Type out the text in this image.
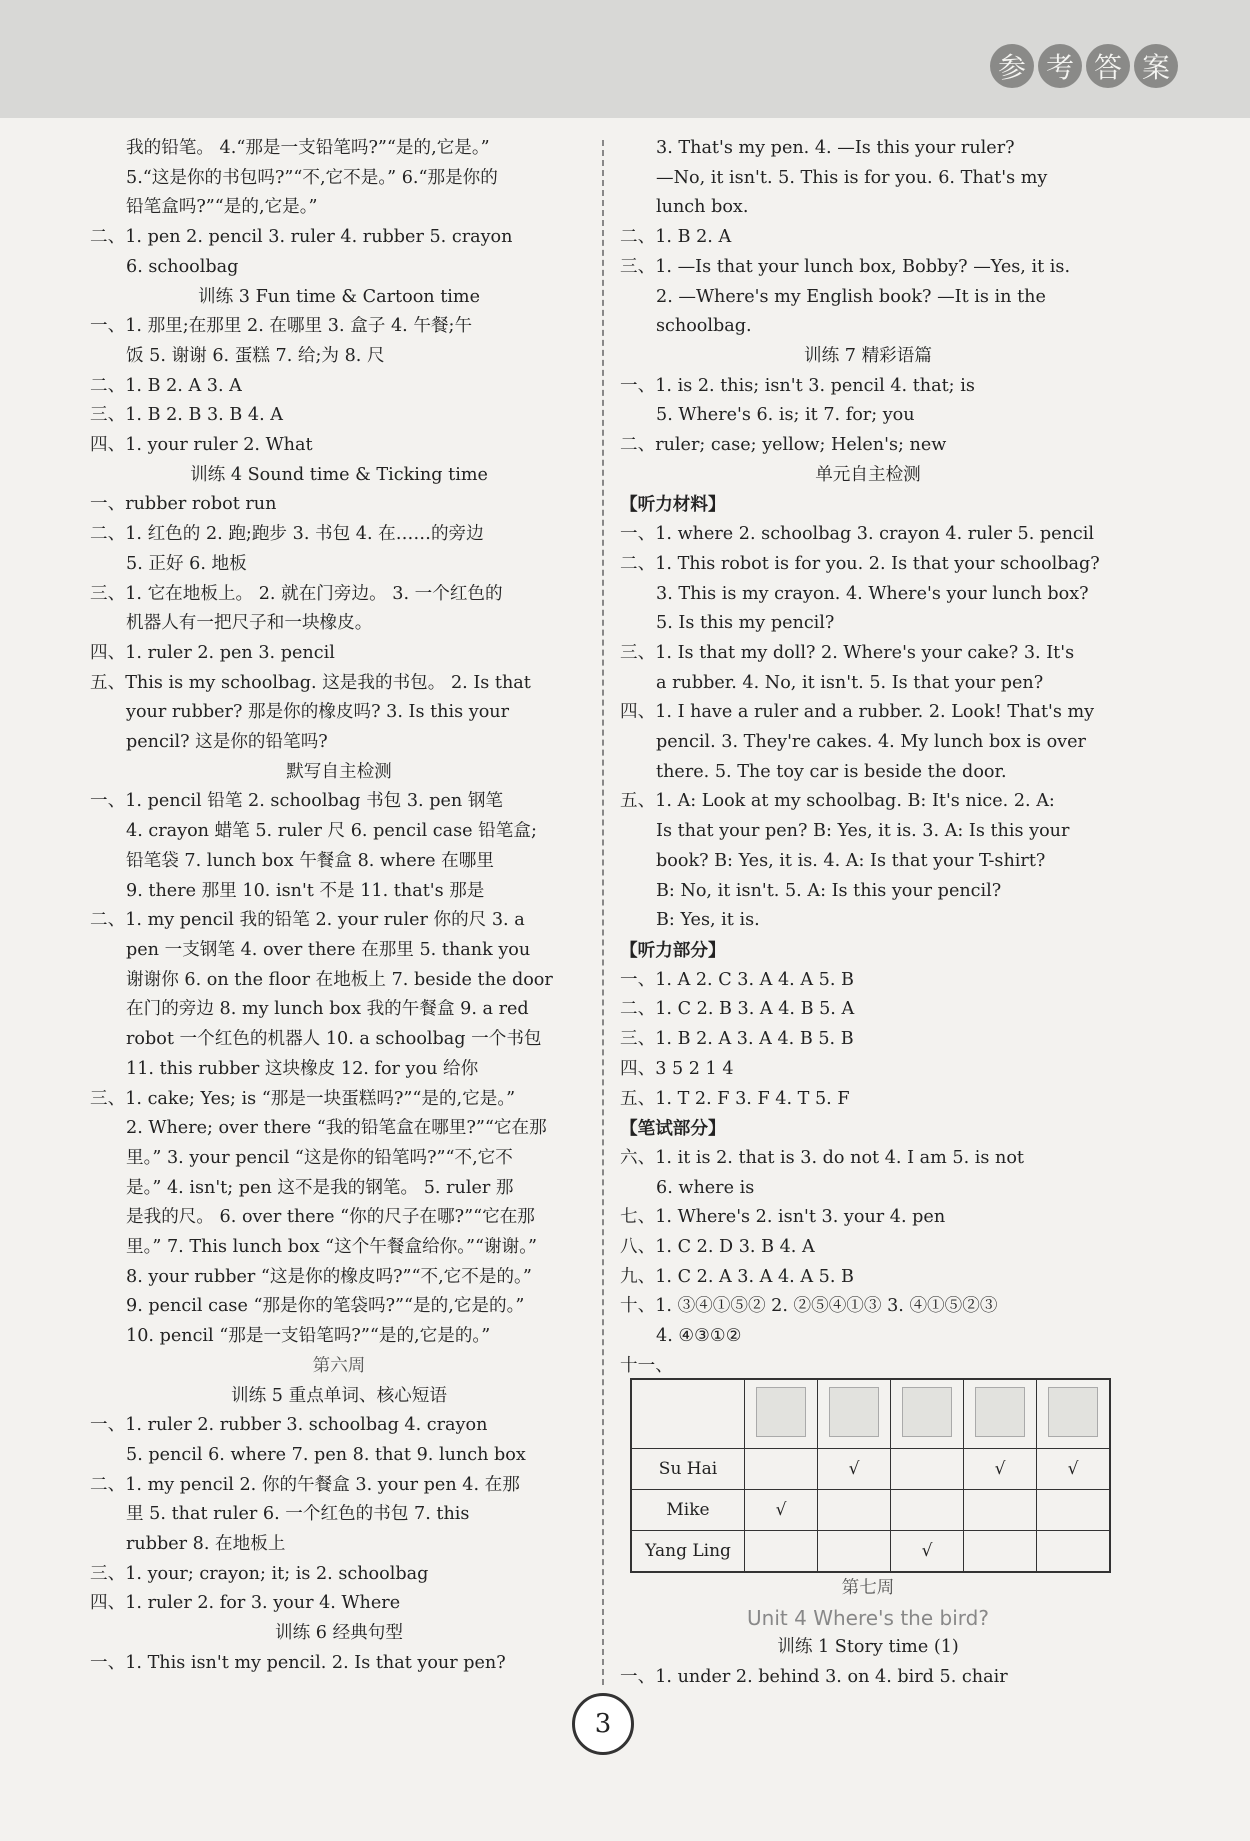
参 考 答 案
我的铅笔。 4.“那是一支铅笔吗?”“是的,它是。”
5.“这是你的书包吗?”“不,它不是。” 6.“那是你的
铅笔盒吗?”“是的,它是。”
二、1. pen 2. pencil 3. ruler 4. rubber 5. crayon
6. schoolbag
训练 3 Fun time & Cartoon time
一、1. 那里;在那里 2. 在哪里 3. 盒子 4. 午餐;午
饭 5. 谢谢 6. 蛋糕 7. 给;为 8. 尺
二、1. B 2. A 3. A
三、1. B 2. B 3. B 4. A
四、1. your ruler 2. What
训练 4 Sound time & Ticking time
一、rubber robot run
二、1. 红色的 2. 跑;跑步 3. 书包 4. 在……的旁边
5. 正好 6. 地板
三、1. 它在地板上。 2. 就在门旁边。 3. 一个红色的
机器人有一把尺子和一块橡皮。
四、1. ruler 2. pen 3. pencil
五、This is my schoolbag. 这是我的书包。 2. Is that
your rubber? 那是你的橡皮吗? 3. Is this your
pencil? 这是你的铅笔吗?
默写自主检测
一、1. pencil 铅笔 2. schoolbag 书包 3. pen 钢笔
4. crayon 蜡笔 5. ruler 尺 6. pencil case 铅笔盒;
铅笔袋 7. lunch box 午餐盒 8. where 在哪里
9. there 那里 10. isn't 不是 11. that's 那是
二、1. my pencil 我的铅笔 2. your ruler 你的尺 3. a
pen 一支钢笔 4. over there 在那里 5. thank you
谢谢你 6. on the floor 在地板上 7. beside the door
在门的旁边 8. my lunch box 我的午餐盒 9. a red
robot 一个红色的机器人 10. a schoolbag 一个书包
11. this rubber 这块橡皮 12. for you 给你
三、1. cake; Yes; is “那是一块蛋糕吗?”“是的,它是。”
2. Where; over there “我的铅笔盒在哪里?”“它在那
里。” 3. your pencil “这是你的铅笔吗?”“不,它不
是。” 4. isn't; pen 这不是我的钢笔。 5. ruler 那
是我的尺。 6. over there “你的尺子在哪?”“它在那
里。” 7. This lunch box “这个午餐盒给你。”“谢谢。”
8. your rubber “这是你的橡皮吗?”“不,它不是的。”
9. pencil case “那是你的笔袋吗?”“是的,它是的。”
10. pencil “那是一支铅笔吗?”“是的,它是的。”
第六周
训练 5 重点单词、核心短语
一、1. ruler 2. rubber 3. schoolbag 4. crayon
5. pencil 6. where 7. pen 8. that 9. lunch box
二、1. my pencil 2. 你的午餐盒 3. your pen 4. 在那
里 5. that ruler 6. 一个红色的书包 7. this
rubber 8. 在地板上
三、1. your; crayon; it; is 2. schoolbag
四、1. ruler 2. for 3. your 4. Where
训练 6 经典句型
一、1. This isn't my pencil. 2. Is that your pen?
3. That's my pen. 4. —Is this your ruler?
—No, it isn't. 5. This is for you. 6. That's my
lunch box.
二、1. B 2. A
三、1. —Is that your lunch box, Bobby? —Yes, it is.
2. —Where's my English book? —It is in the
schoolbag.
训练 7 精彩语篇
一、1. is 2. this; isn't 3. pencil 4. that; is
5. Where's 6. is; it 7. for; you
二、ruler; case; yellow; Helen's; new
单元自主检测
【听力材料】
一、1. where 2. schoolbag 3. crayon 4. ruler 5. pencil
二、1. This robot is for you. 2. Is that your schoolbag?
3. This is my crayon. 4. Where's your lunch box?
5. Is this my pencil?
三、1. Is that my doll? 2. Where's your cake? 3. It's
a rubber. 4. No, it isn't. 5. Is that your pen?
四、1. I have a ruler and a rubber. 2. Look! That's my
pencil. 3. They're cakes. 4. My lunch box is over
there. 5. The toy car is beside the door.
五、1. A: Look at my schoolbag. B: It's nice. 2. A:
Is that your pen? B: Yes, it is. 3. A: Is this your
book? B: Yes, it is. 4. A: Is that your T-shirt?
B: No, it isn't. 5. A: Is this your pencil?
B: Yes, it is.
【听力部分】
一、1. A 2. C 3. A 4. A 5. B
二、1. C 2. B 3. A 4. B 5. A
三、1. B 2. A 3. A 4. B 5. B
四、3 5 2 1 4
五、1. T 2. F 3. F 4. T 5. F
【笔试部分】
六、1. it is 2. that is 3. do not 4. I am 5. is not
6. where is
七、1. Where's 2. isn't 3. your 4. pen
八、1. C 2. D 3. B 4. A
九、1. C 2. A 3. A 4. A 5. B
十、1. ③④①⑤② 2. ②⑤④①③ 3. ④①⑤②③
4. ④③①②
十一、

Su Hai		√		√	√
Mike	√				
Yang Ling			√		
第七周
Unit 4 Where's the bird?
训练 1 Story time (1)
一、1. under 2. behind 3. on 4. bird 5. chair
3
